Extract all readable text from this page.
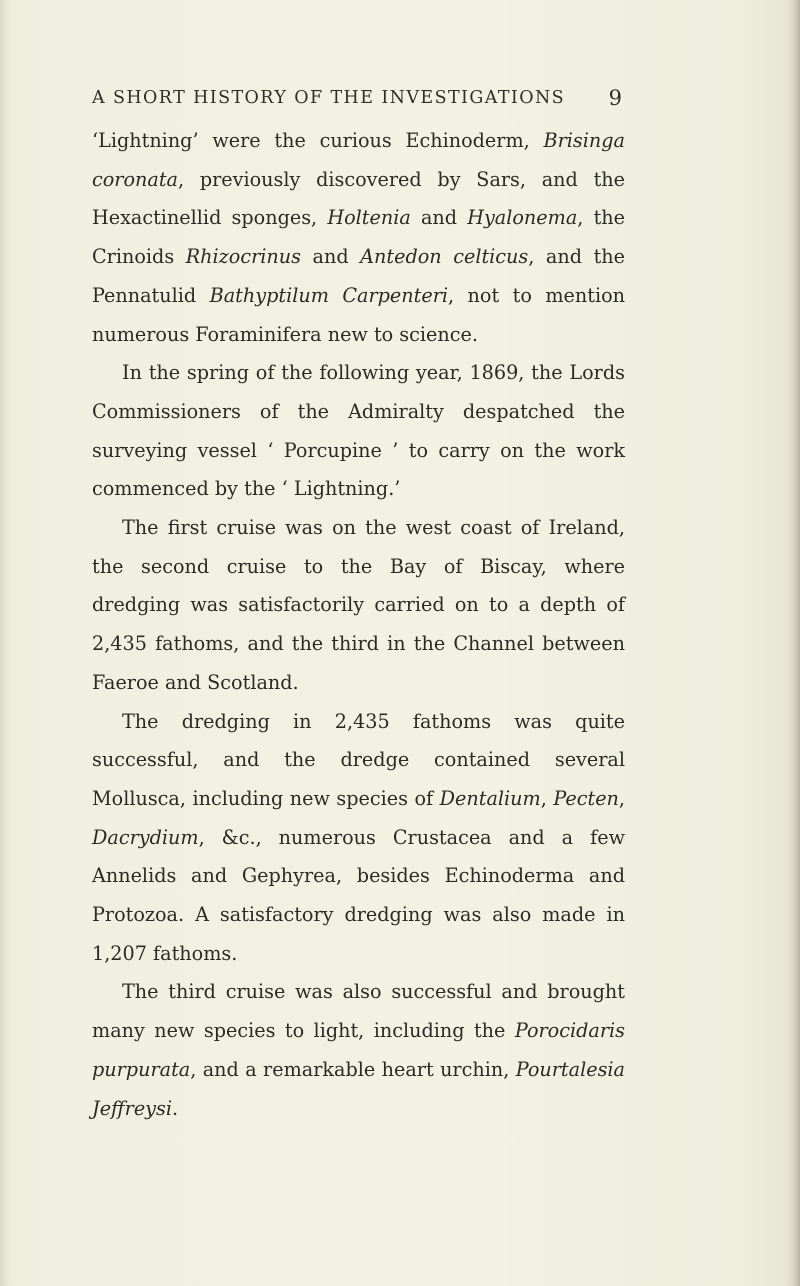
A SHORT HISTORY OF THE INVESTIGATIONS 9

‘Lightning’ were the curious Echinoderm, Brisinga coronata, previously discovered by Sars, and the Hexactinellid sponges, Holtenia and Hyalonema, the Crinoids Rhizocrinus and Antedon celticus, and the Pennatulid Bathyptilum Carpenteri, not to mention numerous Foraminifera new to science.

In the spring of the following year, 1869, the Lords Commissioners of the Admiralty despatched the surveying vessel ‘ Porcupine ’ to carry on the work commenced by the ‘ Lightning.’

The first cruise was on the west coast of Ireland, the second cruise to the Bay of Biscay, where dredging was satisfactorily carried on to a depth of 2,435 fathoms, and the third in the Channel between Faeroe and Scotland.

The dredging in 2,435 fathoms was quite successful, and the dredge contained several Mollusca, including new species of Dentalium, Pecten, Dacrydium, &c., numerous Crustacea and a few Annelids and Gephyrea, besides Echinoderma and Protozoa. A satisfactory dredging was also made in 1,207 fathoms.

The third cruise was also successful and brought many new species to light, including the Porocidaris purpurata, and a remarkable heart urchin, Pourtalesia Jeffreysi.
